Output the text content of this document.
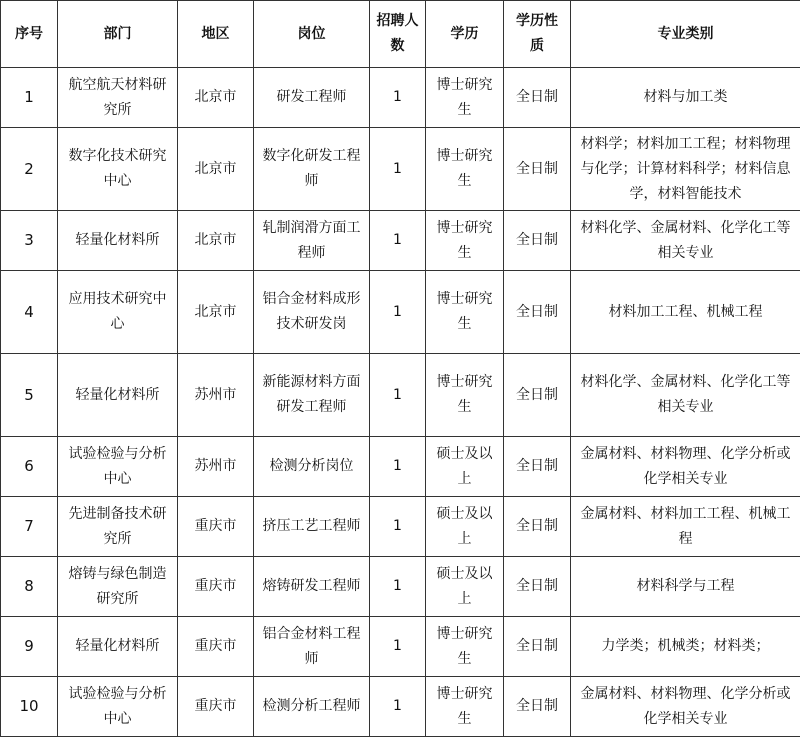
序号	部门	地区	岗位	招聘人数	学历	学历性质	专业类别
1	航空航天材料研究所	北京市	研发工程师	1	博士研究生	全日制	材料与加工类
2	数字化技术研究中心	北京市	数字化研发工程师	1	博士研究生	全日制	材料学；材料加工工程；材料物理与化学；计算材料科学；材料信息学，材料智能技术
3	轻量化材料所	北京市	轧制润滑方面工程师	1	博士研究生	全日制	材料化学、金属材料、化学化工等相关专业
4	应用技术研究中心	北京市	铝合金材料成形技术研发岗	1	博士研究生	全日制	材料加工工程、机械工程
5	轻量化材料所	苏州市	新能源材料方面研发工程师	1	博士研究生	全日制	材料化学、金属材料、化学化工等相关专业
6	试验检验与分析中心	苏州市	检测分析岗位	1	硕士及以上	全日制	金属材料、材料物理、化学分析或化学相关专业
7	先进制备技术研究所	重庆市	挤压工艺工程师	1	硕士及以上	全日制	金属材料、材料加工工程、机械工程
8	熔铸与绿色制造研究所	重庆市	熔铸研发工程师	1	硕士及以上	全日制	材料科学与工程
9	轻量化材料所	重庆市	铝合金材料工程师	1	博士研究生	全日制	力学类；机械类；材料类；
10	试验检验与分析中心	重庆市	检测分析工程师	1	博士研究生	全日制	金属材料、材料物理、化学分析或化学相关专业
